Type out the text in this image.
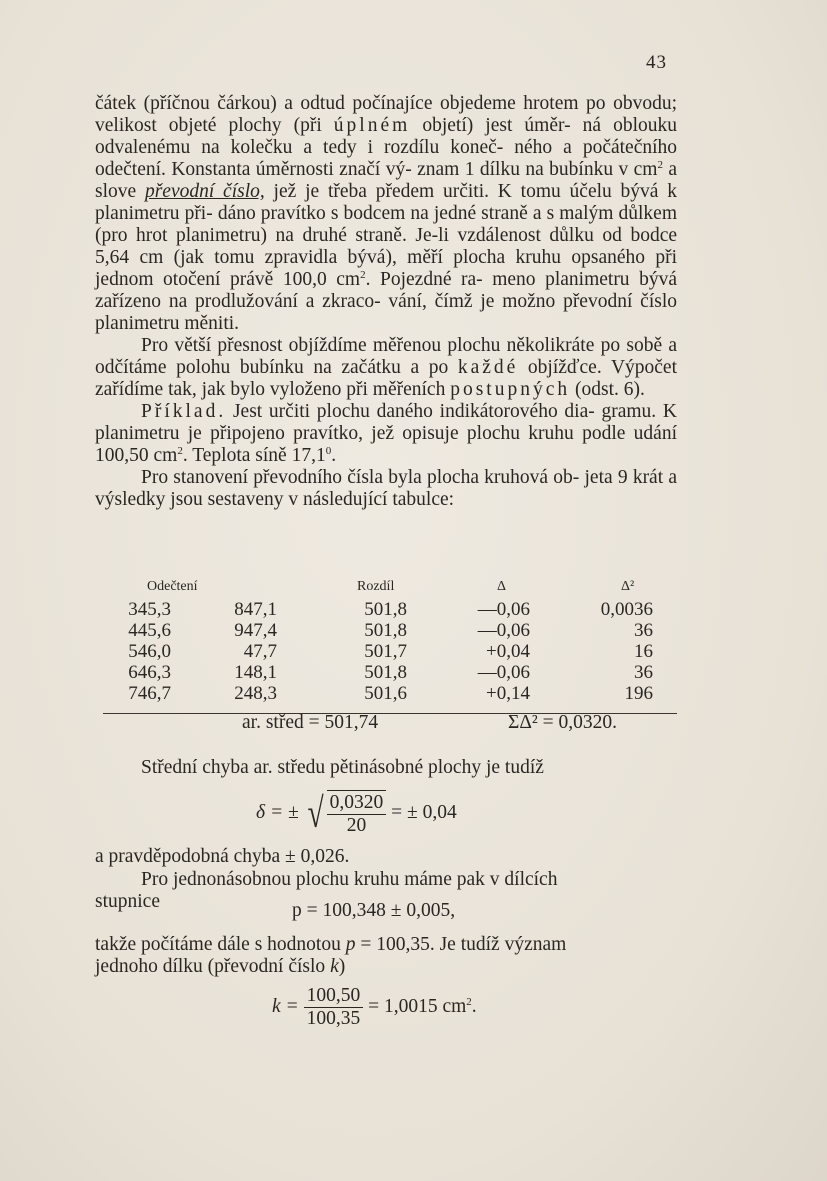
43

čátek (příčnou čárkou) a odtud počínajíce objedeme hrotem po obvodu; velikost objeté plochy (při úplném objetí) jest úměr- ná oblouku odvalenému na kolečku a tedy i rozdílu koneč- ného a počátečního odečtení. Konstanta úměrnosti značí vý- znam 1 dílku na bubínku v $cm^2$ a slove převodní číslo, jež je třeba předem určiti. K tomu účelu bývá k planimetru při- dáno pravítko s bodcem na jedné straně a s malým důlkem (pro hrot planimetru) na druhé straně. Je-li vzdálenost důlku od bodce 5,64 cm (jak tomu zpravidla bývá), měří plocha kruhu opsaného při jednom otočení právě 100,0 $cm^2$. Pojezdné ra- meno planimetru bývá zařízeno na prodlužování a zkraco- vání, čímž je možno převodní číslo planimetru měniti.

Pro větší přesnost objíždíme měřenou plochu několikráte po sobě a odčítáme polohu bubínku na začátku a po každé objížďce. Výpočet zařídíme tak, jak bylo vyloženo při měřeních postupných (odst. 6).

Příklad. Jest určiti plochu daného indikátorového dia- gramu. K planimetru je připojeno pravítko, jež opisuje plochu kruhu podle udání 100,50 $cm^2$. Teplota síně 17,1$^0$.

Pro stanovení převodního čísla byla plocha kruhová ob- jeta 9 krát a výsledky jsou sestaveny v následující tabulce:

Odečtení	Rozdíl	Δ	Δ²
345,3	847,1	501,8	—0,06	0,0036
445,6	947,4	501,8	—0,06	36
546,0	47,7	501,7	+0,04	16
646,3	148,1	501,8	—0,06	36
746,7	248,3	501,6	+0,14	196
ar. střed = 501,74	ΣΔ² = 0,0320.
Střední chyba ar. středu pětinásobné plochy je tudíž
δ = ± √ $\frac{0,0320}{20}$ = ± 0,04
a pravděpodobná chyba ± 0,026.
Pro jednonásobnou plochu kruhu máme pak v dílcích
stupnice	p = 100,348 ± 0,005,
takže počítáme dále s hodnotou p = 100,35. Je tudíž význam
jednoho dílku (převodní číslo k)
$k = \frac{100,50}{100,35} = 1,0015$ $cm^2$.
